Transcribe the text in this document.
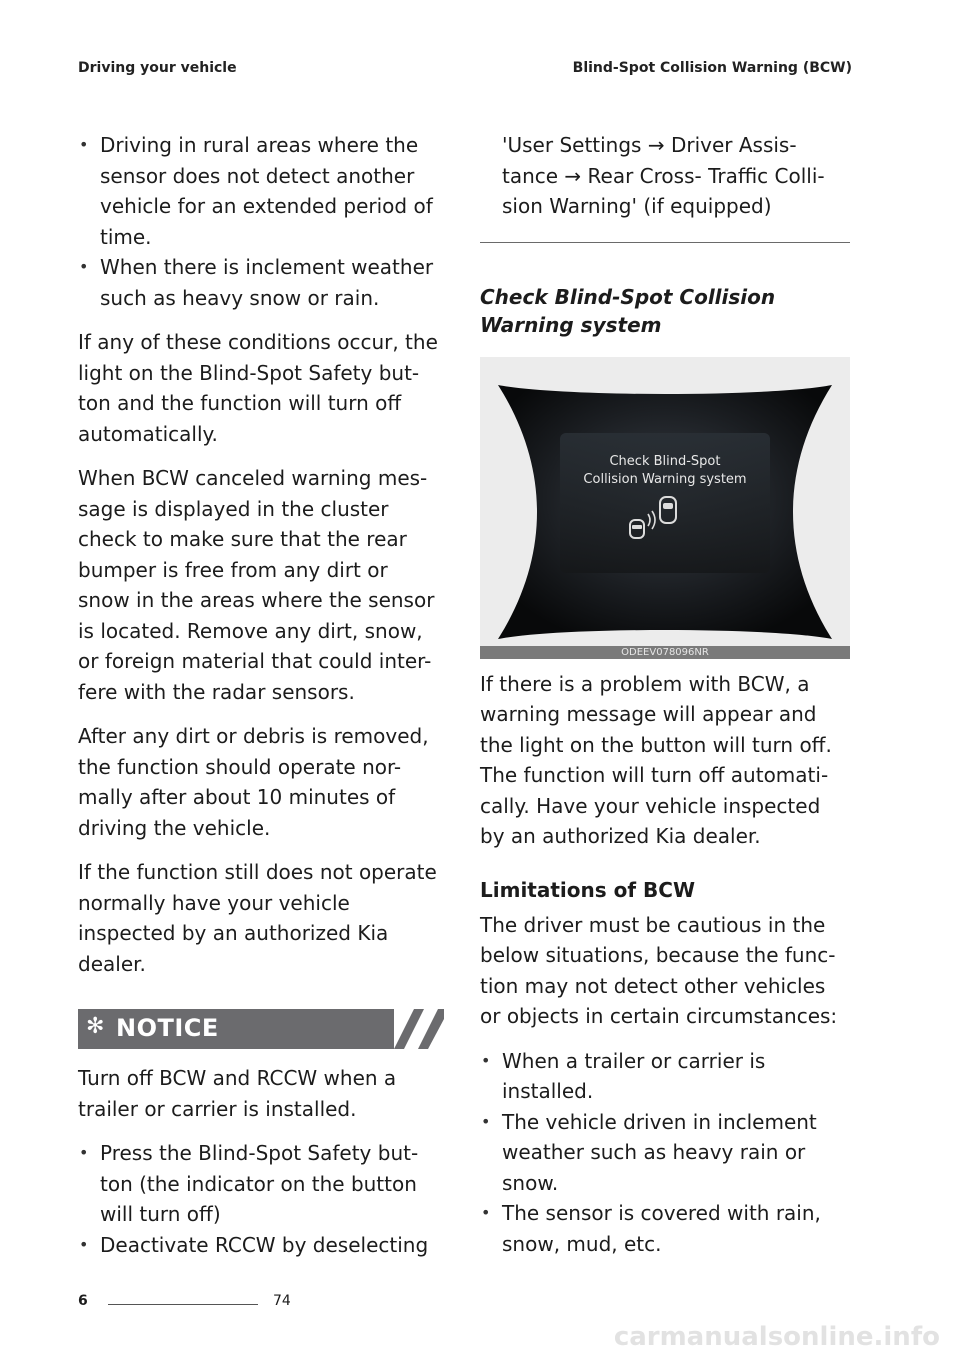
Driving your vehicle	Blind-Spot Collision Warning (BCW)
• Driving in rural areas where the sensor does not detect another vehicle for an extended period of time.
• When there is inclement weather such as heavy snow or rain.

If any of these conditions occur, the light on the Blind-Spot Safety but- ton and the function will turn off automatically.

When BCW canceled warning mes- sage is displayed in the cluster check to make sure that the rear bumper is free from any dirt or snow in the areas where the sensor is located. Remove any dirt, snow, or foreign material that could inter- fere with the radar sensors.

After any dirt or debris is removed, the function should operate nor- mally after about 10 minutes of driving the vehicle.

If the function still does not operate normally have your vehicle inspected by an authorized Kia dealer.

✻ NOTICE

Turn off BCW and RCCW when a trailer or carrier is installed.

• Press the Blind-Spot Safety but- ton (the indicator on the button will turn off)
• Deactivate RCCW by deselecting

'User Settings → Driver Assis- tance → Rear Cross- Traffic Colli- sion Warning' (if equipped)

Check Blind-Spot Collision Warning system
Check Blind-Spot
Collision Warning system
ODEEV078096NR

If there is a problem with BCW, a warning message will appear and the light on the button will turn off. The function will turn off automati- cally. Have your vehicle inspected by an authorized Kia dealer.

Limitations of BCW

The driver must be cautious in the below situations, because the func- tion may not detect other vehicles or objects in certain circumstances:

• When a trailer or carrier is installed.
• The vehicle driven in inclement weather such as heavy rain or snow.
• The sensor is covered with rain, snow, mud, etc.
6	74
carmanualsonline.info
